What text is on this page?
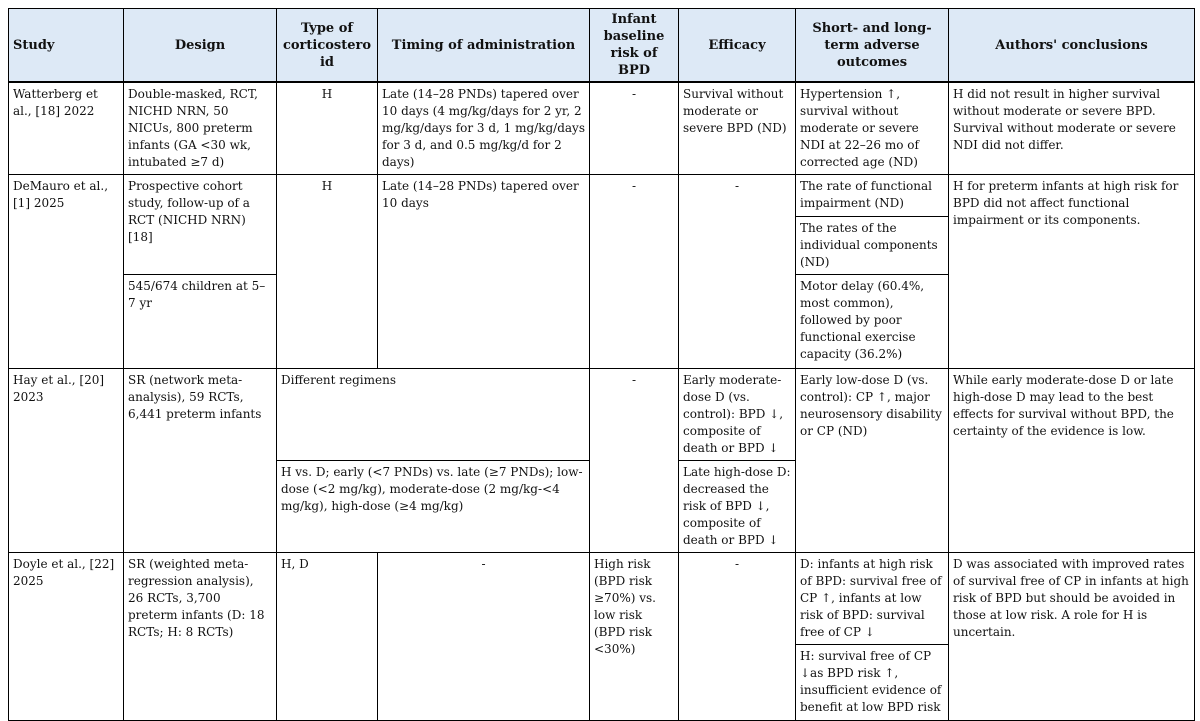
Study	Design	Type of corticosteroid	Timing of administration	Infant baseline risk of BPD	Efficacy	Short- and long-term adverse outcomes	Authors' conclusions
Watterberg et al., [18] 2022	Double-masked, RCT, NICHD NRN, 50 NICUs, 800 preterm infants (GA <30 wk, intubated ≥7 d)	H	Late (14–28 PNDs) tapered over 10 days (4 mg/kg/days for 2 yr, 2 mg/kg/days for 3 d, 1 mg/kg/days for 3 d, and 0.5 mg/kg/d for 2 days)	-	Survival without moderate or severe BPD (ND)	Hypertension ↑, survival without moderate or severe NDI at 22–26 mo of corrected age (ND)	H did not result in higher survival without moderate or severe BPD. Survival without moderate or severe NDI did not differ.
DeMauro et al., [1] 2025	Prospective cohort study, follow-up of a RCT (NICHD NRN) [18]	H	Late (14–28 PNDs) tapered over 10 days	-	-	The rate of functional impairment (ND)	H for preterm infants at high risk for BPD did not affect functional impairment or its components.
						The rates of the individual components (ND)	
	545/674 children at 5–7 yr					Motor delay (60.4%, most common), followed by poor functional exercise capacity (36.2%)	
Hay et al., [20] 2023	SR (network meta-analysis), 59 RCTs, 6,441 preterm infants	Different regimens		-	Early moderate-dose D (vs. control): BPD ↓, composite of death or BPD ↓	Early low-dose D (vs. control): CP ↑, major neurosensory disability or CP (ND)	While early moderate-dose D or late high-dose D may lead to the best effects for survival without BPD, the certainty of the evidence is low.
		H vs. D; early (<7 PNDs) vs. late (≥7 PNDs); low-dose (<2 mg/kg), moderate-dose (2 mg/kg-<4 mg/kg), high-dose (≥4 mg/kg)			Late high-dose D: decreased the risk of BPD ↓, composite of death or BPD ↓		
Doyle et al., [22] 2025	SR (weighted meta-regression analysis), 26 RCTs, 3,700 preterm infants (D: 18 RCTs; H: 8 RCTs)	H, D	-	High risk (BPD risk ≥70%) vs. low risk (BPD risk <30%)	-	D: infants at high risk of BPD: survival free of CP ↑, infants at low risk of BPD: survival free of CP ↓	D was associated with improved rates of survival free of CP in infants at high risk of BPD but should be avoided in those at low risk. A role for H is uncertain.
						H: survival free of CP ↓as BPD risk ↑, insufficient evidence of benefit at low BPD risk	
